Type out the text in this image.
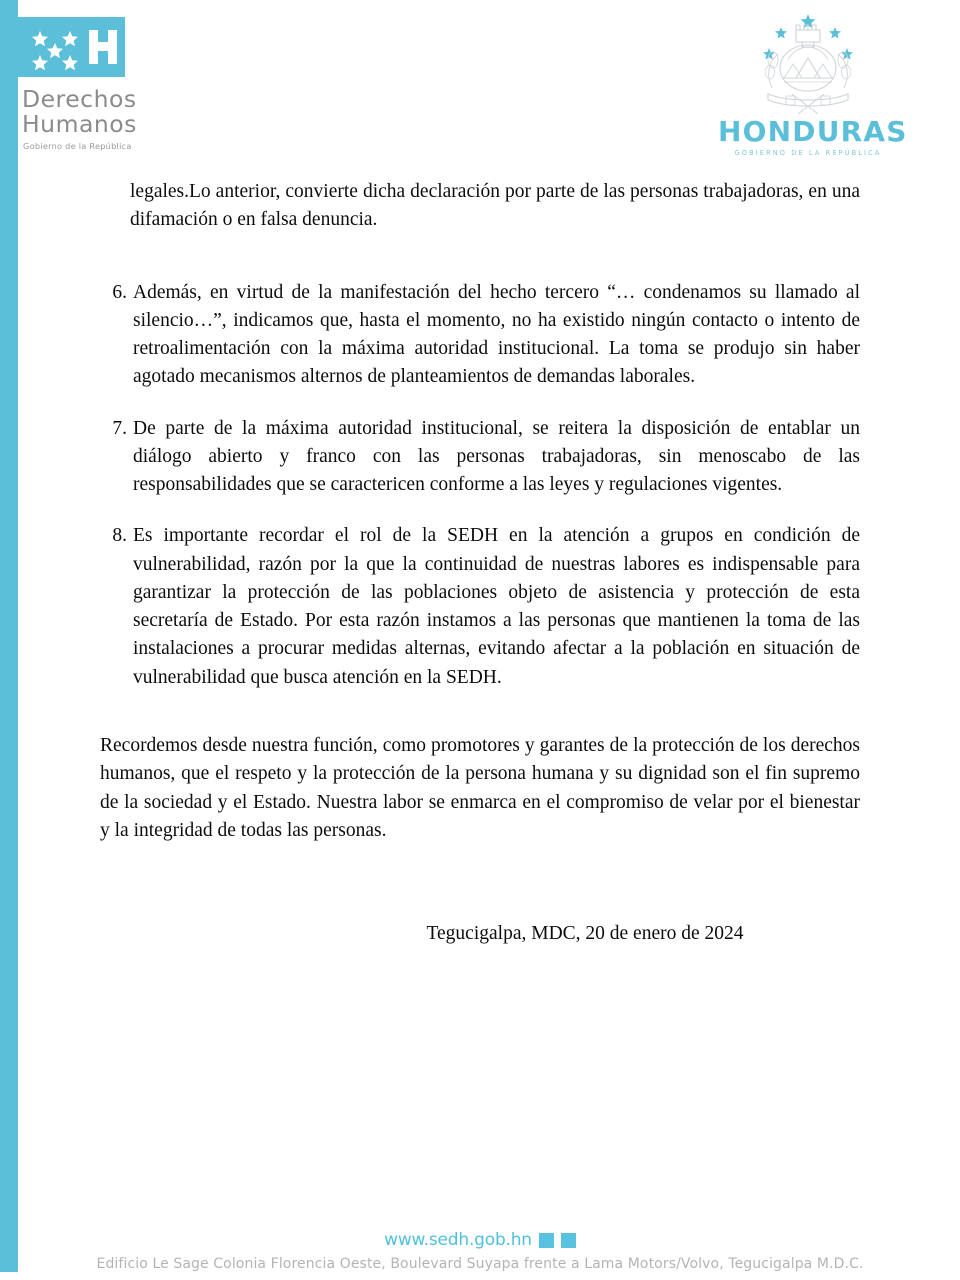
Derechos
Humanos
Gobierno de la República	HONDURAS
GOBIERNO DE LA REPÚBLICA

legales.Lo anterior, convierte dicha declaración por parte de las personas trabajadoras, en una difamación o en falsa denuncia.

6. Además, en virtud de la manifestación del hecho tercero “… condenamos su llamado al silencio…”, indicamos que, hasta el momento, no ha existido ningún contacto o intento de retroalimentación con la máxima autoridad institucional. La toma se produjo sin haber agotado mecanismos alternos de planteamientos de demandas laborales.
7. De parte de la máxima autoridad institucional, se reitera la disposición de entablar un diálogo abierto y franco con las personas trabajadoras, sin menoscabo de las responsabilidades que se caractericen conforme a las leyes y regulaciones vigentes.
8. Es importante recordar el rol de la SEDH en la atención a grupos en condición de vulnerabilidad, razón por la que la continuidad de nuestras labores es indispensable para garantizar la protección de las poblaciones objeto de asistencia y protección de esta secretaría de Estado. Por esta razón instamos a las personas que mantienen la toma de las instalaciones a procurar medidas alternas, evitando afectar a la población en situación de vulnerabilidad que busca atención en la SEDH.

Recordemos desde nuestra función, como promotores y garantes de la protección de los derechos humanos, que el respeto y la protección de la persona humana y su dignidad son el fin supremo de la sociedad y el Estado. Nuestra labor se enmarca en el compromiso de velar por el bienestar y la integridad de todas las personas.

Tegucigalpa, MDC, 20 de enero de 2024
www.sedh.gob.hn
Edificio Le Sage Colonia Florencia Oeste, Boulevard Suyapa frente a Lama Motors/Volvo, Tegucigalpa M.D.C.
